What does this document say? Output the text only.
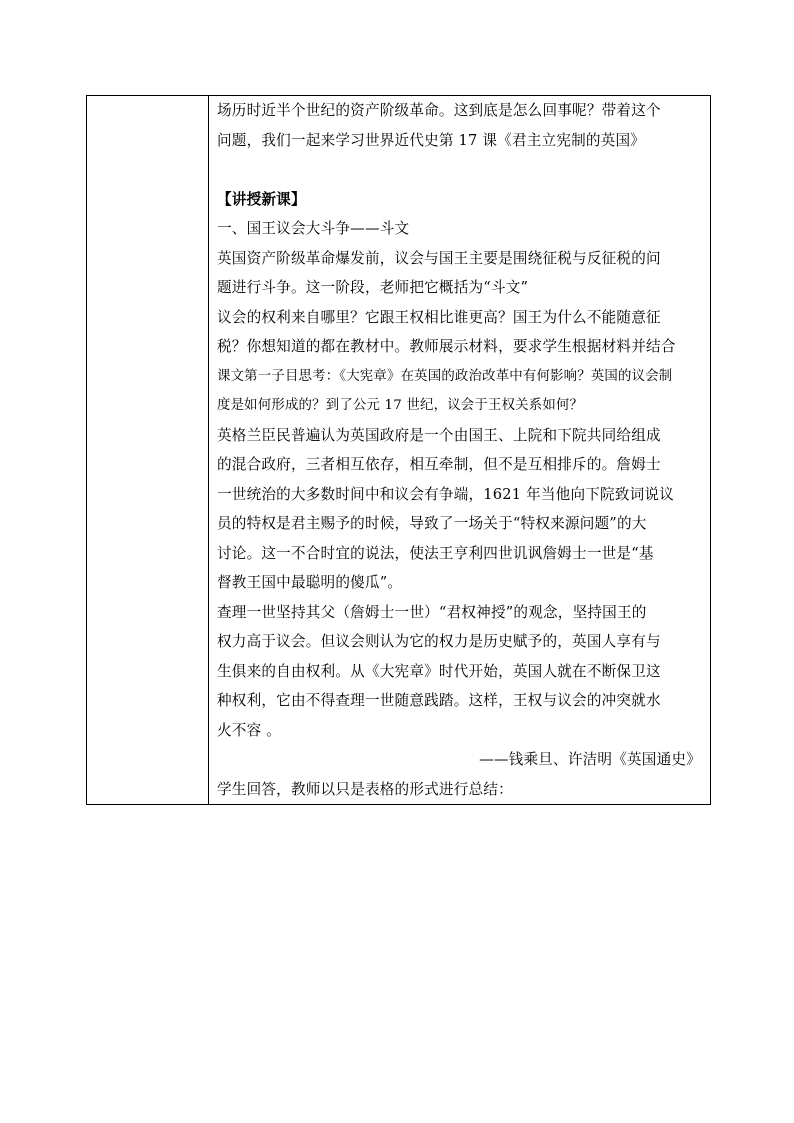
场历时近半个世纪的资产阶级革命。这到底是怎么回事呢？带着这个

问题，我们一起来学习世界近代史第 17 课《君主立宪制的英国》

【讲授新课】

一、国王议会大斗争——斗文

英国资产阶级革命爆发前，议会与国王主要是围绕征税与反征税的问

题进行斗争。这一阶段，老师把它概括为“斗文”

议会的权利来自哪里？它跟王权相比谁更高？国王为什么不能随意征

税？你想知道的都在教材中。教师展示材料，要求学生根据材料并结合

课文第一子目思考：《大宪章》在英国的政治改革中有何影响？英国的议会制

度是如何形成的？到了公元 17 世纪，议会于王权关系如何？

英格兰臣民普遍认为英国政府是一个由国王、上院和下院共同给组成

的混合政府，三者相互依存，相互牵制，但不是互相排斥的。詹姆士

一世统治的大多数时间中和议会有争端，1621 年当他向下院致词说议

员的特权是君主赐予的时候，导致了一场关于“特权来源问题”的大

讨论。这一不合时宜的说法，使法王亨利四世讥讽詹姆士一世是“基

督教王国中最聪明的傻瓜”。

查理一世坚持其父（詹姆士一世）“君权神授”的观念，坚持国王的

权力高于议会。但议会则认为它的权力是历史赋予的，英国人享有与

生俱来的自由权利。从《大宪章》时代开始，英国人就在不断保卫这

种权利，它由不得查理一世随意践踏。这样，王权与议会的冲突就水

火不容 。

——钱乘旦、许洁明《英国通史》

学生回答，教师以只是表格的形式进行总结：
